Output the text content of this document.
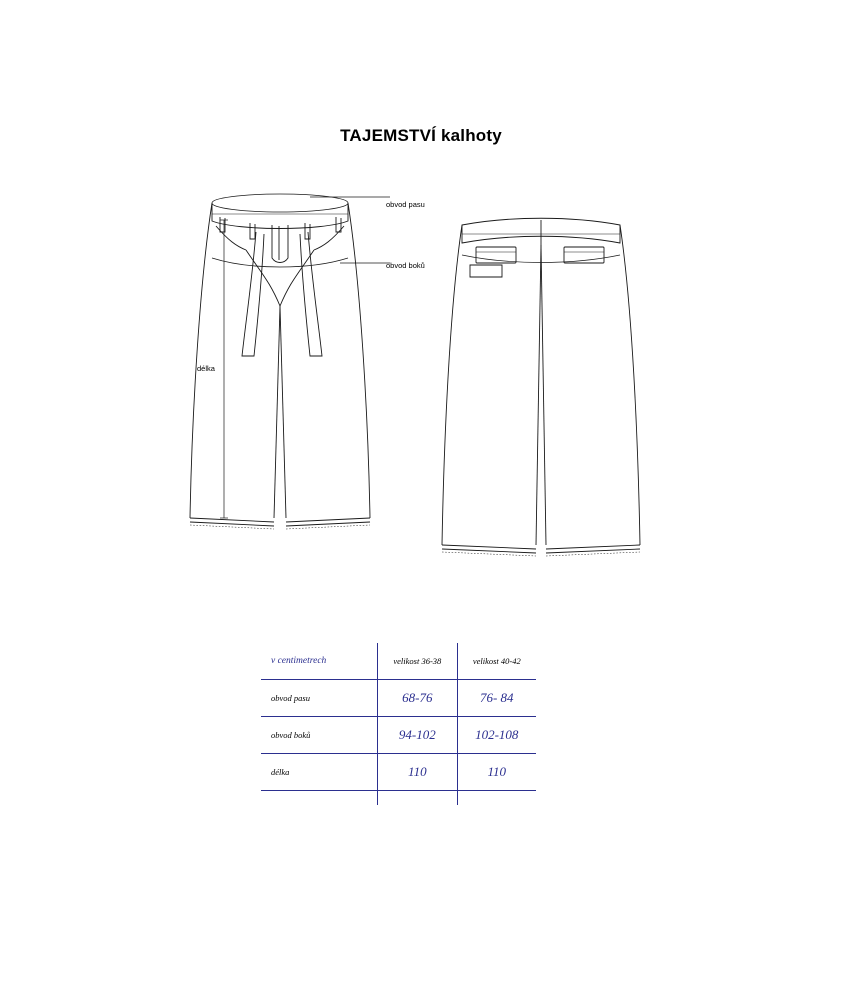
TAJEMSTVÍ kalhoty
obvod pasu
obvod boků
délka
v centimetrech	velikost 36-38	velikost 40-42
obvod pasu	68-76	76- 84
obvod boků	94-102	102-108
délka	110	110
